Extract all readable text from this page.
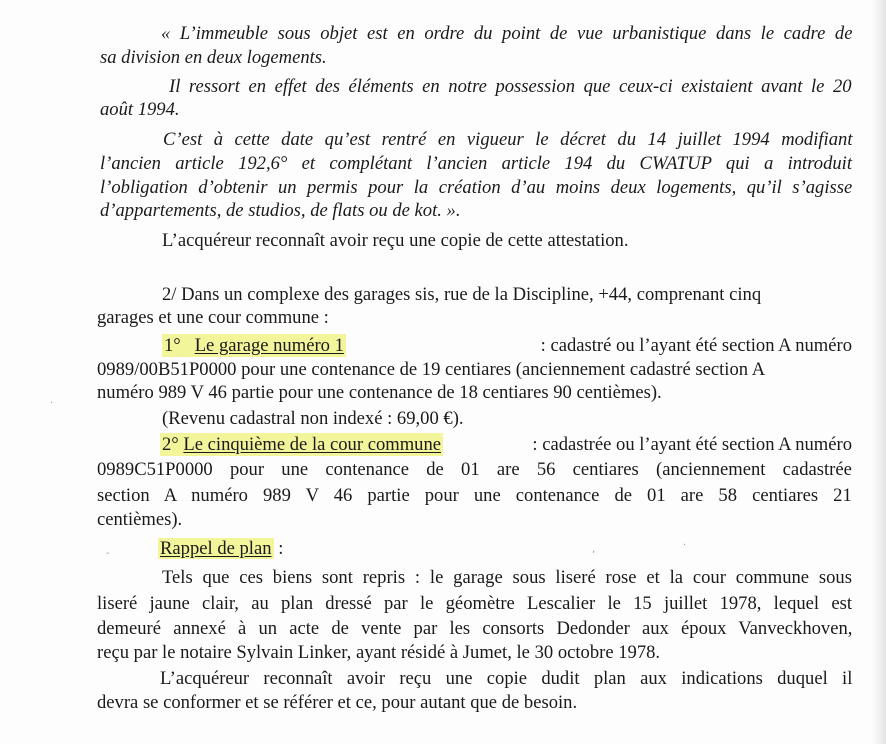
« L’immeuble sous objet est en ordre du point de vue urbanistique dans le cadre de
sa division en deux logements.
Il ressort en effet des éléments en notre possession que ceux-ci existaient avant le 20
août 1994.
C’est à cette date qu’est rentré en vigueur le décret du 14 juillet 1994 modifiant
l’ancien article 192,6° et complétant l’ancien article 194 du CWATUP qui a introduit
l’obligation d’obtenir un permis pour la création d’au moins deux logements, qu’il s’agisse
d’appartements, de studios, de flats ou de kot. ».
L’acquéreur reconnaît avoir reçu une copie de cette attestation.
2/ Dans un complexe des garages sis, rue de la Discipline, +44, comprenant cinq
garages et une cour commune :
1° Le garage numéro 1	: cadastré ou l’ayant été section A numéro
0989/00B51P0000 pour une contenance de 19 centiares (anciennement cadastré section A
numéro 989 V 46 partie pour une contenance de 18 centiares 90 centièmes).
(Revenu cadastral non indexé : 69,00 €).
2° Le cinquième de la cour commune	: cadastrée ou l’ayant été section A numéro
0989C51P0000 pour une contenance de 01 are 56 centiares (anciennement cadastrée
section A numéro 989 V 46 partie pour une contenance de 01 are 58 centiares 21
centièmes).
Rappel de plan :
Tels que ces biens sont repris : le garage sous liseré rose et la cour commune sous
liseré jaune clair, au plan dressé par le géomètre Lescalier le 15 juillet 1978, lequel est
demeuré annexé à un acte de vente par les consorts Dedonder aux époux Vanveckhoven,
reçu par le notaire Sylvain Linker, ayant résidé à Jumet, le 30 octobre 1978.
L’acquéreur reconnaît avoir reçu une copie dudit plan aux indications duquel il
devra se conformer et se référer et ce, pour autant que de besoin.
-	,	·
·
